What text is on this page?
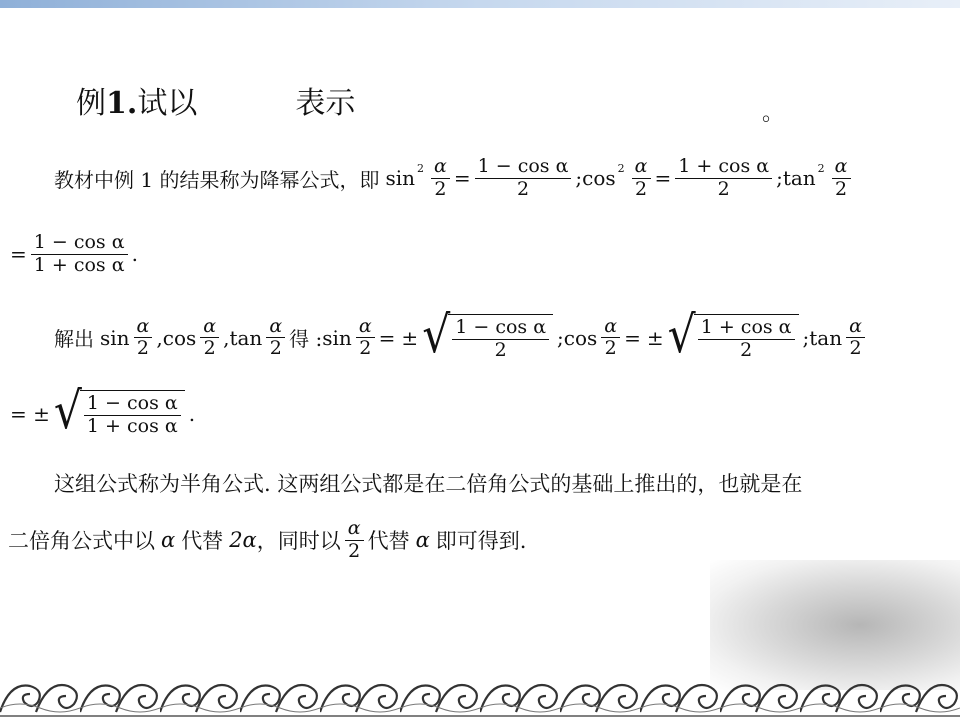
例1.试以	表示	。
教材中例 1 的结果称为降幂公式，即 $\sin 2 \frac{\alpha}{2} = \frac{\text{1 − cos α}}{2}$ ; $\cos 2 \frac{\alpha}{2} = \frac{\text{1 + cos α}}{2}$ ; $\tan 2 \frac{\alpha}{2}$
= $\frac{\text{1 − cos α}}{\text{1 + cos α}}$ .
解出 $\sin \frac{\alpha}{2}$ , $\cos \frac{\alpha}{2}$ , $\tan \frac{\alpha}{2}$ 得 : $\sin \frac{\alpha}{2}$ = ± √ $\frac{\text{1 − cos α}}{2}$ ; $\cos \frac{\alpha}{2}$ = ± √ $\frac{\text{1 + cos α}}{2}$ ; $\tan \frac{\alpha}{2}$
= ± √ $\frac{\text{1 − cos α}}{\text{1 + cos α}}$ .
这组公式称为半角公式. 这两组公式都是在二倍角公式的基础上推出的，也就是在
二倍角公式中以 α 代替 2α ，同时以 $\frac{\alpha}{2}$ 代替 α 即可得到.
